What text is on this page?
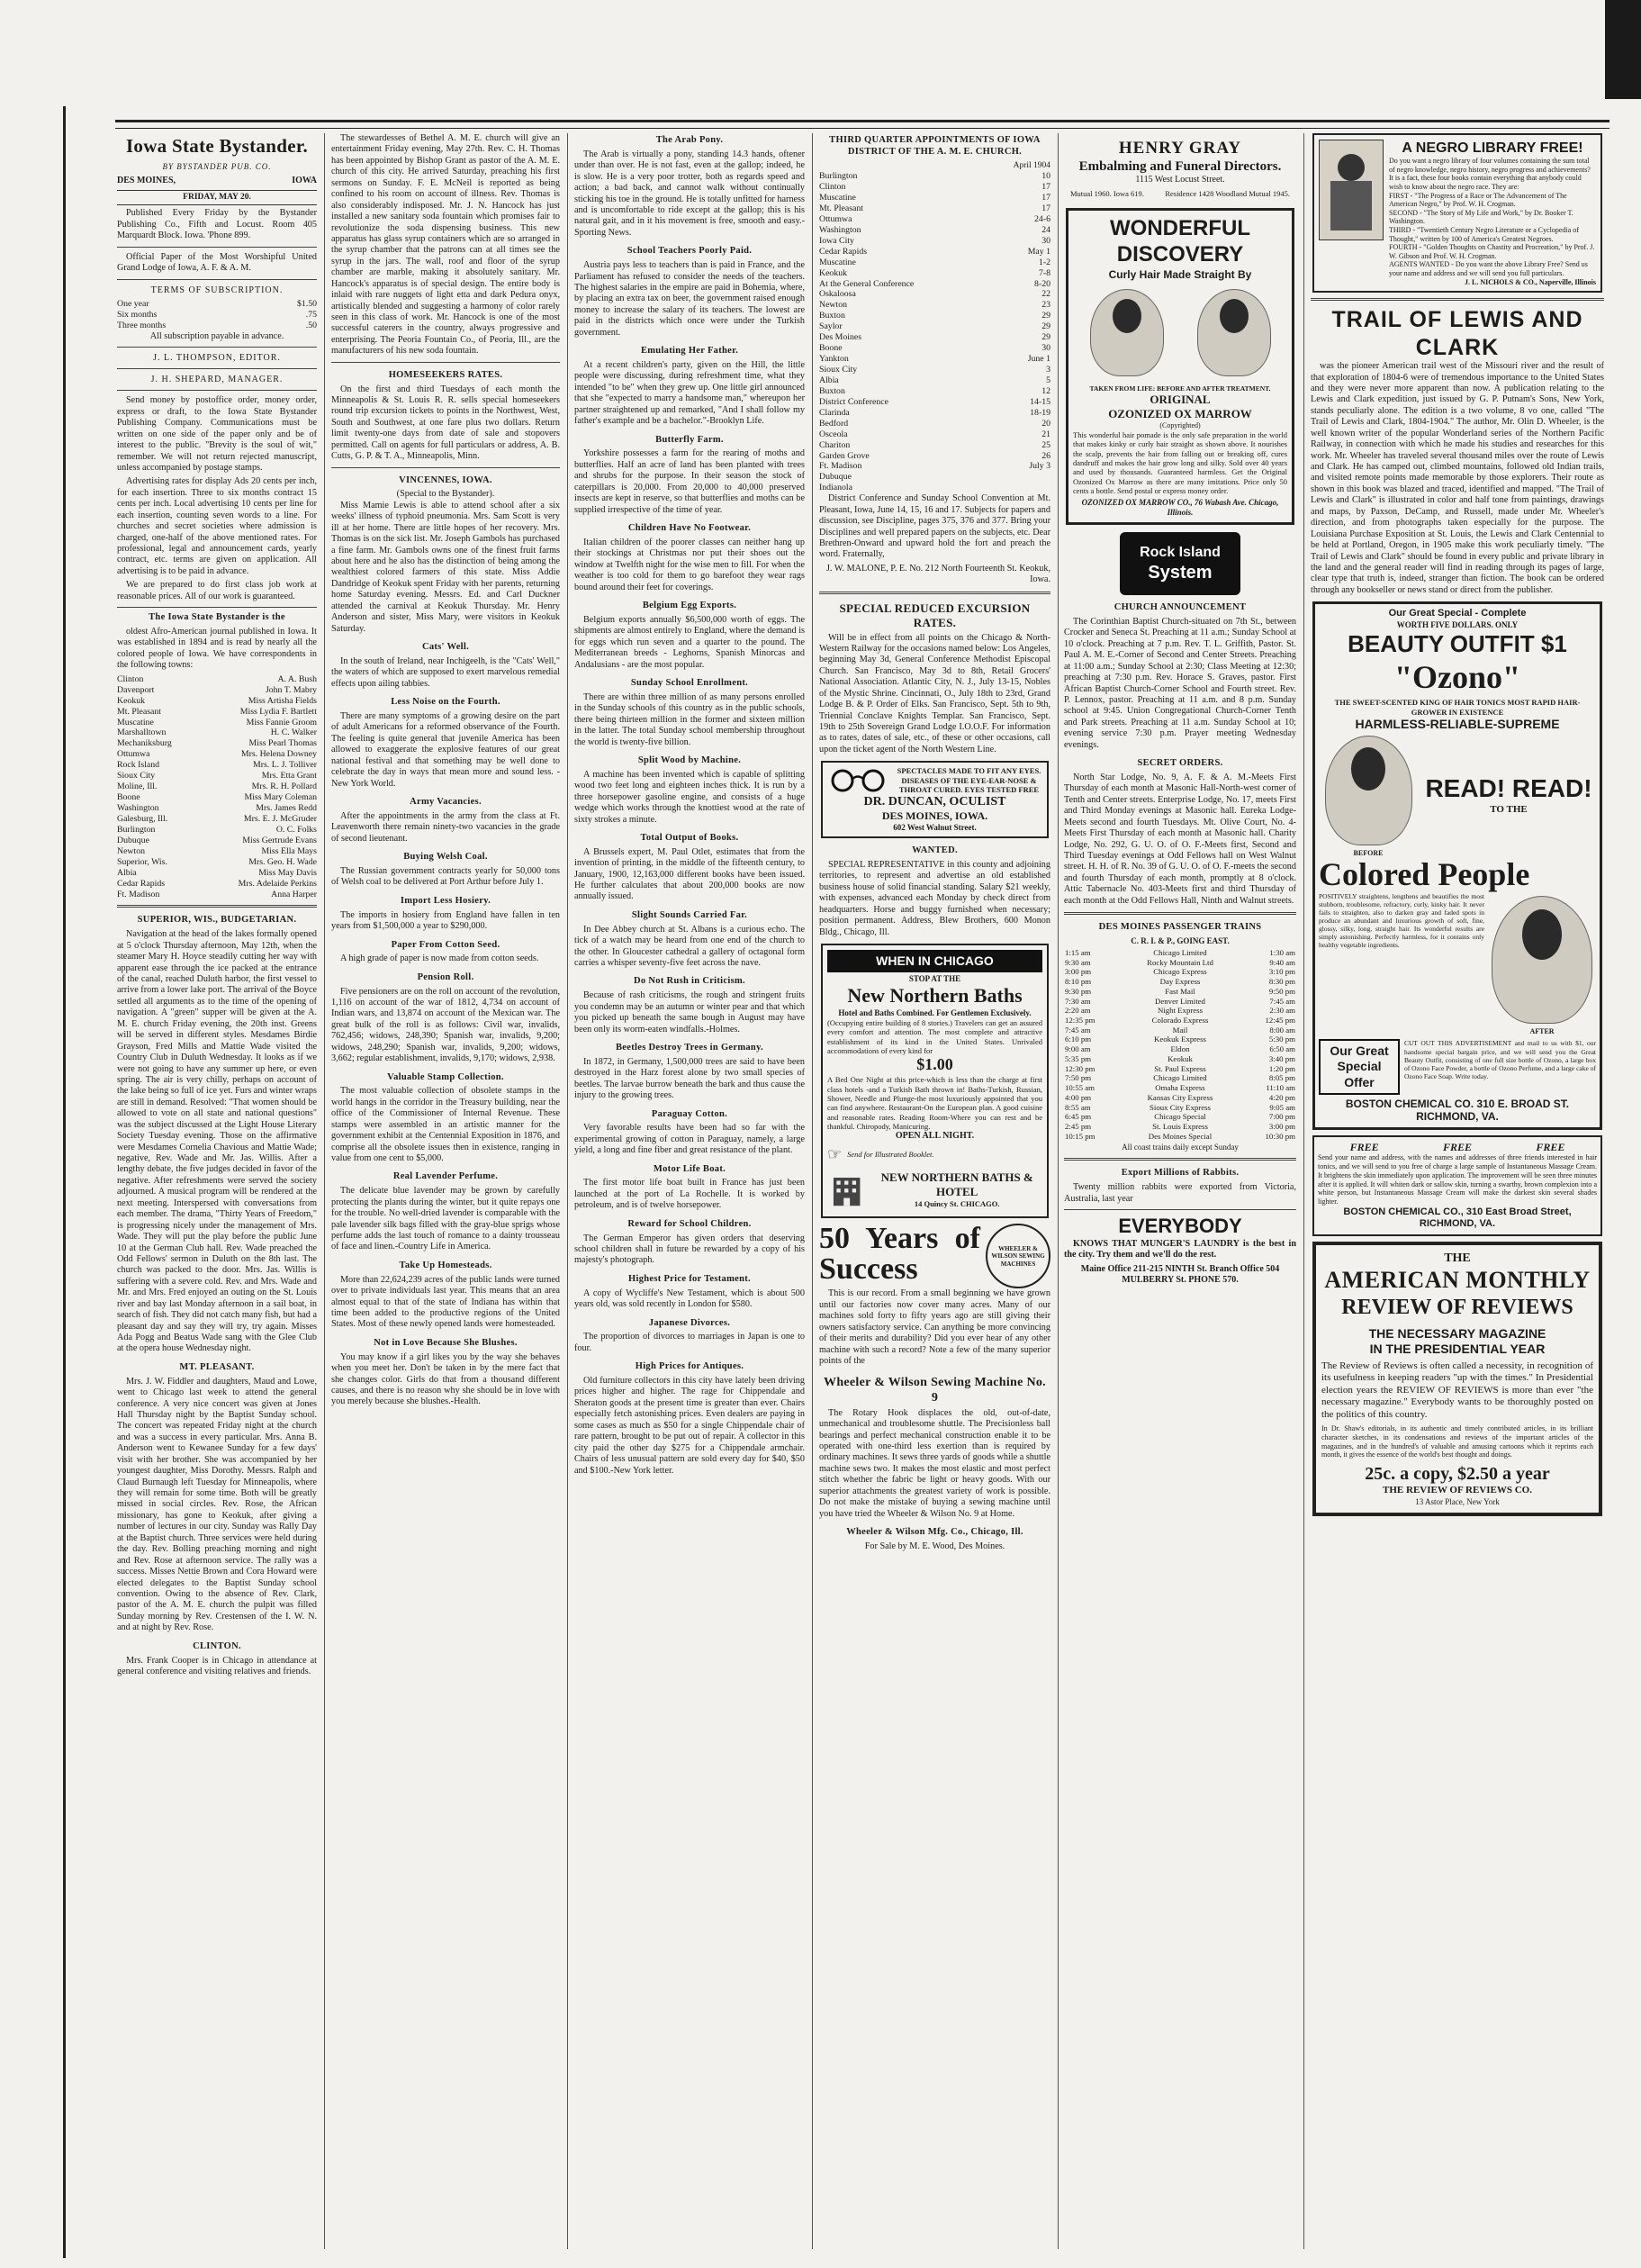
Iowa State Bystander.
BY BYSTANDER PUB. CO.
DES MOINES,	IOWA
FRIDAY, MAY 20.

Published Every Friday by the Bystander Publishing Co., Fifth and Locust. Room 405 Marquardt Block. Iowa. 'Phone 899.

Official Paper of the Most Worshipful United Grand Lodge of Iowa, A. F. & A. M.

TERMS OF SUBSCRIPTION.
One year	$1.50
Six months	.75
Three months	.50
All subscription payable in advance.
J. L. THOMPSON, EDITOR.
J. H. SHEPARD, MANAGER.

Send money by postoffice order, money order, express or draft, to the Iowa State Bystander Publishing Company. Communications must be written on one side of the paper only and be of interest to the public. "Brevity is the soul of wit," remember. We will not return rejected manuscript, unless accompanied by postage stamps.

Advertising rates for display Ads 20 cents per inch, for each insertion. Three to six months contract 15 cents per inch. Local advertising 10 cents per line for each insertion, counting seven words to a line. For churches and secret societies where admission is charged, one-half of the above mentioned rates. For professional, legal and announcement cards, yearly contract, etc. terms are given on application. All advertising is to be paid in advance.

We are prepared to do first class job work at reasonable prices. All of our work is guaranteed.

The Iowa State Bystander is the

oldest Afro-American journal published in Iowa. It was established in 1894 and is read by nearly all the colored people of Iowa. We have correspondents in the following towns:

Clinton	A. A. Bush
Davenport	John T. Mabry
Keokuk	Miss Artisha Fields
Mt. Pleasant	Miss Lydia F. Bartlett
Muscatine	Miss Fannie Groom
Marshalltown	H. C. Walker
Mechaniksburg	Miss Pearl Thomas
Ottumwa	Mrs. Helena Downey
Rock Island	Mrs. L. J. Tolliver
Sioux City	Mrs. Etta Grant
Moline, Ill.	Mrs. R. H. Pollard
Boone	Miss Mary Coleman
Washington	Mrs. James Redd
Galesburg, Ill.	Mrs. E. J. McGruder
Burlington	O. C. Folks
Dubuque	Miss Gertrude Evans
Newton	Miss Ella Mays
Superior, Wis.	Mrs. Geo. H. Wade
Albia	Miss May Davis
Cedar Rapids	Mrs. Adelaide Perkins
Ft. Madison	Anna Harper
SUPERIOR, WIS., BUDGETARIAN.

Navigation at the head of the lakes formally opened at 5 o'clock Thursday afternoon, May 12th, when the steamer Mary H. Hoyce steadily cutting her way with apparent ease through the ice packed at the entrance of the canal, reached Duluth harbor, the first vessel to arrive from a lower lake port. The arrival of the Boyce settled all arguments as to the time of the opening of navigation. A "green" supper will be given at the A. M. E. church Friday evening, the 20th inst. Greens will be served in different styles. Mesdames Birdie Grayson, Fred Mills and Mattie Wade visited the Country Club in Duluth Wednesday. It looks as if we were not going to have any summer up here, or even spring. The air is very chilly, perhaps on account of the lake being so full of ice yet. Furs and winter wraps are still in demand. Resolved: "That women should be allowed to vote on all state and national questions" was the subject discussed at the Light House Literary Society Tuesday evening. Those on the affirmative were Mesdames Cornelia Chavious and Mattie Wade; negative, Rev. Wade and Mr. Jas. Willis. After a lengthy debate, the five judges decided in favor of the negative. After refreshments were served the society adjourned. A musical program will be rendered at the next meeting. Interspersed with conversations from each member. The drama, "Thirty Years of Freedom," is progressing nicely under the management of Mrs. Wade. They will put the play before the public June 10 at the German Club hall. Rev. Wade preached the Odd Fellows' sermon in Duluth on the 8th last. The church was packed to the door. Mrs. Jas. Willis is suffering with a severe cold. Rev. and Mrs. Wade and Mr. and Mrs. Fred enjoyed an outing on the St. Louis river and bay last Monday afternoon in a sail boat, in search of fish. They did not catch many fish, but had a pleasant day and say they will try, try again. Misses Ada Pogg and Beatus Wade sang with the Glee Club at the opera house Wednesday night.

MT. PLEASANT.

Mrs. J. W. Fiddler and daughters, Maud and Lowe, went to Chicago last week to attend the general conference. A very nice concert was given at Jones Hall Thursday night by the Baptist Sunday school. The concert was repeated Friday night at the church and was a success in every particular. Mrs. Anna B. Anderson went to Kewanee Sunday for a few days' visit with her brother. She was accompanied by her youngest daughter, Miss Dorothy. Messrs. Ralph and Claud Burnaugh left Tuesday for Minneapolis, where they will remain for some time. Both will be greatly missed in social circles. Rev. Rose, the African missionary, has gone to Keokuk, after giving a number of lectures in our city. Sunday was Rally Day at the Baptist church. Three services were held during the day. Rev. Bolling preaching morning and night and Rev. Rose at afternoon service. The rally was a success. Misses Nettie Brown and Cora Howard were elected delegates to the Baptist Sunday school convention. Owing to the absence of Rev. Clark, pastor of the A. M. E. church the pulpit was filled Sunday morning by Rev. Crestensen of the I. W. N. and at night by Rev. Rose.

CLINTON.

Mrs. Frank Cooper is in Chicago in attendance at general conference and visiting relatives and friends.

The stewardesses of Bethel A. M. E. church will give an entertainment Friday evening, May 27th. Rev. C. H. Thomas has been appointed by Bishop Grant as pastor of the A. M. E. church of this city. He arrived Saturday, preaching his first sermons on Sunday. F. E. McNeil is reported as being confined to his room on account of illness. Rev. Thomas is also considerably indisposed. Mr. J. N. Hancock has just installed a new sanitary soda fountain which promises fair to revolutionize the soda dispensing business. This new apparatus has glass syrup containers which are so arranged in the syrup chamber that the patrons can at all times see the syrup in the jars. The wall, roof and floor of the syrup chamber are marble, making it absolutely sanitary. Mr. Hancock's apparatus is of special design. The entire body is inlaid with rare nuggets of light etta and dark Pedura onyx, artistically blended and suggesting a harmony of color rarely seen in this class of work. Mr. Hancock is one of the most successful caterers in the country, always progressive and enterprising. The Peoria Fountain Co., of Peoria, Ill., are the manufacturers of his new soda fountain.

HOMESEEKERS RATES.

On the first and third Tuesdays of each month the Minneapolis & St. Louis R. R. sells special homeseekers round trip excursion tickets to points in the Northwest, West, South and Southwest, at one fare plus two dollars. Return limit twenty-one days from date of sale and stopovers permitted. Call on agents for full particulars or address, A. B. Cutts, G. P. & T. A., Minneapolis, Minn.

VINCENNES, IOWA.
(Special to the Bystander).

Miss Mamie Lewis is able to attend school after a six weeks' illness of typhoid pneumonia. Mrs. Sam Scott is very ill at her home. There are little hopes of her recovery. Mrs. Thomas is on the sick list. Mr. Joseph Gambols has purchased a fine farm. Mr. Gambols owns one of the finest fruit farms about here and he also has the distinction of being among the wealthiest colored farmers of this state. Miss Addie Dandridge of Keokuk spent Friday with her parents, returning home Saturday evening. Messrs. Ed. and Carl Duckner attended the carnival at Keokuk Thursday. Mr. Henry Anderson and sister, Miss Mary, were visitors in Keokuk Saturday.

Cats' Well.

In the south of Ireland, near Inchigeelh, is the "Cats' Well," the waters of which are supposed to exert marvelous remedial effects upon ailing tabbies.

Less Noise on the Fourth.

There are many symptoms of a growing desire on the part of adult Americans for a reformed observance of the Fourth. The feeling is quite general that juvenile America has been allowed to exaggerate the explosive features of our great national festival and that something may be well done to celebrate the day in ways that mean more and sound less. -New York World.

Army Vacancies.

After the appointments in the army from the class at Ft. Leavenworth there remain ninety-two vacancies in the grade of second lieutenant.

Buying Welsh Coal.

The Russian government contracts yearly for 50,000 tons of Welsh coal to be delivered at Port Arthur before July 1.

Import Less Hosiery.

The imports in hosiery from England have fallen in ten years from $1,500,000 a year to $290,000.

Paper From Cotton Seed.

A high grade of paper is now made from cotton seeds.

Pension Roll.

Five pensioners are on the roll on account of the revolution, 1,116 on account of the war of 1812, 4,734 on account of Indian wars, and 13,874 on account of the Mexican war. The great bulk of the roll is as follows: Civil war, invalids, 762,456; widows, 248,390; Spanish war, invalids, 9,200; widows, 248,290; Spanish war, invalids, 9,200; widows, 3,662; regular establishment, invalids, 9,170; widows, 2,938.

Valuable Stamp Collection.

The most valuable collection of obsolete stamps in the world hangs in the corridor in the Treasury building, near the office of the Commissioner of Internal Revenue. These stamps were assembled in an artistic manner for the government exhibit at the Centennial Exposition in 1876, and comprise all the obsolete issues then in existence, ranging in value from one cent to $5,000.

Real Lavender Perfume.

The delicate blue lavender may be grown by carefully protecting the plants during the winter, but it quite repays one for the trouble. No well-dried lavender is comparable with the pale lavender silk bags filled with the gray-blue sprigs whose perfume adds the last touch of romance to a dainty trousseau of face and linen.-Country Life in America.

Take Up Homesteads.

More than 22,624,239 acres of the public lands were turned over to private individuals last year. This means that an area almost equal to that of the state of Indiana has within that time been added to the productive regions of the United States. Most of these newly opened lands were homesteaded.

Not in Love Because She Blushes.

You may know if a girl likes you by the way she behaves when you meet her. Don't be taken in by the mere fact that she changes color. Girls do that from a thousand different causes, and there is no reason why she should be in love with you merely because she blushes.-Health.

The Arab Pony.

The Arab is virtually a pony, standing 14.3 hands, oftener under than over. He is not fast, even at the gallop; indeed, he is slow. He is a very poor trotter, both as regards speed and action; a bad back, and cannot walk without continually sticking his toe in the ground. He is totally unfitted for harness and is uncomfortable to ride except at the gallop; this is his natural gait, and in it his movement is free, smooth and easy.-Sporting News.

School Teachers Poorly Paid.

Austria pays less to teachers than is paid in France, and the Parliament has refused to consider the needs of the teachers. The highest salaries in the empire are paid in Bohemia, where, by placing an extra tax on beer, the government raised enough money to increase the salary of its teachers. The lowest are paid in the districts which once were under the Turkish government.

Emulating Her Father.

At a recent children's party, given on the Hill, the little people were discussing, during refreshment time, what they intended "to be" when they grew up. One little girl announced that she "expected to marry a handsome man," whereupon her partner straightened up and remarked, "And I shall follow my father's example and be a bachelor."-Brooklyn Life.

Butterfly Farm.

Yorkshire possesses a farm for the rearing of moths and butterflies. Half an acre of land has been planted with trees and shrubs for the purpose. In their season the stock of caterpillars is 20,000. From 20,000 to 40,000 preserved insects are kept in reserve, so that butterflies and moths can be supplied irrespective of the time of year.

Children Have No Footwear.

Italian children of the poorer classes can neither hang up their stockings at Christmas nor put their shoes out the window at Twelfth night for the wise men to fill. For when the weather is too cold for them to go barefoot they wear rags bound around their feet for coverings.

Belgium Egg Exports.

Belgium exports annually $6,500,000 worth of eggs. The shipments are almost entirely to England, where the demand is for eggs which run seven and a quarter to the pound. The Mediterranean breeds - Leghorns, Spanish Minorcas and Andalusians - are the most popular.

Sunday School Enrollment.

There are within three million of as many persons enrolled in the Sunday schools of this country as in the public schools, there being thirteen million in the former and sixteen million in the latter. The total Sunday school membership throughout the world is twenty-five billion.

Split Wood by Machine.

A machine has been invented which is capable of splitting wood two feet long and eighteen inches thick. It is run by a three horsepower gasoline engine, and consists of a huge wedge which works through the knottiest wood at the rate of sixty strokes a minute.

Total Output of Books.

A Brussels expert, M. Paul Otlet, estimates that from the invention of printing, in the middle of the fifteenth century, to January, 1900, 12,163,000 different books have been issued. He further calculates that about 200,000 books are now annually issued.

Slight Sounds Carried Far.

In Dee Abbey church at St. Albans is a curious echo. The tick of a watch may be heard from one end of the church to the other. In Gloucester cathedral a gallery of octagonal form carries a whisper seventy-five feet across the nave.

Do Not Rush in Criticism.

Because of rash criticisms, the rough and stringent fruits you condemn may be an autumn or winter pear and that which you picked up beneath the same bough in August may have been only its worm-eaten windfalls.-Holmes.

Beetles Destroy Trees in Germany.

In 1872, in Germany, 1,500,000 trees are said to have been destroyed in the Harz forest alone by two small species of beetles. The larvae burrow beneath the bark and thus cause the injury to the growing trees.

Paraguay Cotton.

Very favorable results have been had so far with the experimental growing of cotton in Paraguay, namely, a large yield, a long and fine fiber and great resistance of the plant.

Motor Life Boat.

The first motor life boat built in France has just been launched at the port of La Rochelle. It is worked by petroleum, and is of twelve horsepower.

Reward for School Children.

The German Emperor has given orders that deserving school children shall in future be rewarded by a copy of his majesty's photograph.

Highest Price for Testament.

A copy of Wycliffe's New Testament, which is about 500 years old, was sold recently in London for $580.

Japanese Divorces.

The proportion of divorces to marriages in Japan is one to four.

High Prices for Antiques.

Old furniture collectors in this city have lately been driving prices higher and higher. The rage for Chippendale and Sheraton goods at the present time is greater than ever. Chairs especially fetch astonishing prices. Even dealers are paying in some cases as much as $50 for a single Chippendale chair of rare pattern, brought to be put out of repair. A collector in this city paid the other day $275 for a Chippendale armchair. Chairs of less unusual pattern are sold every day for $40, $50 and $100.-New York letter.

THIRD QUARTER APPOINTMENTS OF IOWA DISTRICT OF THE A. M. E. CHURCH.
April 1904
Burlington	10
Clinton	17
Muscatine	17
Mt. Pleasant	17
Ottumwa	24-6
Washington	24
Iowa City	30
Cedar Rapids	May 1
Muscatine	1-2
Keokuk	7-8
At the General Conference	8-20
Oskaloosa	22
Newton	23
Buxton	29
Saylor	29
Des Moines	29
Boone	30
Yankton	June 1
Sioux City	3
Albia	5
Buxton	12
District Conference	14-15
Clarinda	18-19
Bedford	20
Osceola	21
Chariton	25
Garden Grove	26
Ft. Madison	July 3
Dubuque	
Indianola	

District Conference and Sunday School Convention at Mt. Pleasant, Iowa, June 14, 15, 16 and 17. Subjects for papers and discussion, see Discipline, pages 375, 376 and 377. Bring your Disciplines and well prepared papers on the subjects, etc. Dear Brethren-Onward and upward hold the fort and preach the word. Fraternally,

J. W. MALONE, P. E. No. 212 North Fourteenth St. Keokuk, Iowa.
SPECIAL REDUCED EXCURSION RATES.

Will be in effect from all points on the Chicago & North-Western Railway for the occasions named below: Los Angeles, beginning May 3d, General Conference Methodist Episcopal Church. San Francisco, May 3d to 8th, Retail Grocers' National Association. Atlantic City, N. J., July 13-15, Nobles of the Mystic Shrine. Cincinnati, O., July 18th to 23rd, Grand Lodge B. & P. Order of Elks. San Francisco, Sept. 5th to 9th, Triennial Conclave Knights Templar. San Francisco, Sept. 19th to 25th Sovereign Grand Lodge I.O.O.F. For information as to rates, dates of sale, etc., of these or other occasions, call upon the ticket agent of the North Western Line.

SPECTACLES MADE TO FIT ANY EYES.
DISEASES OF THE EYE-EAR-NOSE & THROAT CURED. EYES TESTED FREE
DR. DUNCAN, OCULIST
DES MOINES, IOWA.
602 West Walnut Street.
WANTED.

SPECIAL REPRESENTATIVE in this county and adjoining territories, to represent and advertise an old established business house of solid financial standing. Salary $21 weekly, with expenses, advanced each Monday by check direct from headquarters. Horse and buggy furnished when necessary; position permanent. Address, Blew Brothers, 600 Monon Bldg., Chicago, Ill.

WHEN IN CHICAGO
STOP AT THE
New Northern Baths
Hotel and Baths Combined. For Gentlemen Exclusively.
(Occupying entire building of 8 stories.) Travelers can get an assured every comfort and attention. The most complete and attractive establishment of its kind in the United States. Unrivaled accommodations of every kind for
$1.00
A Bed One Night at this price-which is less than the charge at first class hotels -and a Turkish Bath thrown in! Baths-Turkish, Russian, Shower, Needle and Plunge-the most luxuriously appointed that you can find anywhere. Restaurant-On the European plan. A good cuisine and reasonable rates. Reading Room-Where you can rest and be thankful. Chiropody, Manicuring.
OPEN ALL NIGHT.
☞ Send for Illustrated Booklet.
NEW NORTHERN BATHS & HOTEL
14 Quincy St. CHICAGO.
50 Years of Success
WHEELER & WILSON SEWING MACHINES

This is our record. From a small beginning we have grown until our factories now cover many acres. Many of our machines sold forty to fifty years ago are still giving their owners satisfactory service. Can anything be more convincing of their merits and durability? Did you ever hear of any other machine with such a record? Note a few of the many superior points of the

Wheeler & Wilson Sewing Machine No. 9

The Rotary Hook displaces the old, out-of-date, unmechanical and troublesome shuttle. The Precisionless ball bearings and perfect mechanical construction enable it to be operated with one-third less exertion than is required by ordinary machines. It sews three yards of goods while a shuttle machine sews two. It makes the most elastic and most perfect stitch whether the fabric be light or heavy goods. With our superior attachments the greatest variety of work is possible. Do not make the mistake of buying a sewing machine until you have tried the Wheeler & Wilson No. 9 at Home.

Wheeler & Wilson Mfg. Co., Chicago, Ill.
For Sale by M. E. Wood, Des Moines.
HENRY GRAY
Embalming and Funeral Directors.
1115 West Locust Street.
Mutual 1960. Iowa 619.	Residence 1428 Woodland Mutual 1945.
WONDERFUL
DISCOVERY
Curly Hair Made Straight By
TAKEN FROM LIFE: BEFORE AND AFTER TREATMENT.
ORIGINAL
OZONIZED OX MARROW
(Copyrighted)
This wonderful hair pomade is the only safe preparation in the world that makes kinky or curly hair straight as shown above. It nourishes the scalp, prevents the hair from falling out or breaking off, cures dandruff and makes the hair grow long and silky. Sold over 40 years and used by thousands. Guaranteed harmless. Get the Original Ozonized Ox Marrow as there are many imitations. Price only 50 cents a bottle. Send postal or express money order.
OZONIZED OX MARROW CO., 76 Wabash Ave. Chicago, Illinois.
Rock Island
System
CHURCH ANNOUNCEMENT

The Corinthian Baptist Church-situated on 7th St., between Crocker and Seneca St. Preaching at 11 a.m.; Sunday School at 10 o'clock. Preaching at 7 p.m. Rev. T. L. Griffith, Pastor. St. Paul A. M. E.-Corner of Second and Center Streets. Preaching at 11:00 a.m.; Sunday School at 2:30; Class Meeting at 12:30; preaching at 7:30 p.m. Rev. Horace S. Graves, pastor. First African Baptist Church-Corner School and Fourth street. Rev. P. Lennox, pastor. Preaching at 11 a.m. and 8 p.m. Sunday school at 9:45. Union Congregational Church-Corner Tenth and Park streets. Preaching at 11 a.m. Sunday School at 10; evening service 7:30 p.m. Prayer meeting Wednesday evenings.

SECRET ORDERS.

North Star Lodge, No. 9, A. F. & A. M.-Meets First Thursday of each month at Masonic Hall-North-west corner of Tenth and Center streets. Enterprise Lodge, No. 17, meets First and Third Monday evenings at Masonic hall. Eureka Lodge-Meets second and fourth Tuesdays. Mt. Olive Court, No. 4-Meets First Thursday of each month at Masonic hall. Charity Lodge, No. 292, G. U. O. of O. F.-Meets first, Second and Third Tuesday evenings at Odd Fellows hall on West Walnut street. H. H. of R. No. 39 of G. U. O. of O. F.-meets the second and fourth Thursday of each month, promptly at 8 o'clock. Attic Tabernacle No. 403-Meets first and third Thursday of each month at the Odd Fellows Hall, Ninth and Walnut streets.

DES MOINES PASSENGER TRAINS
C. R. I. & P., GOING EAST.
1:15 am	Chicago Limited	1:30 am
9:30 am	Rocky Mountain Ltd	9:40 am
3:00 pm	Chicago Express	3:10 pm
8:10 pm	Day Express	8:30 pm
9:30 pm	Fast Mail	9:50 pm
7:30 am	Denver Limited	7:45 am
2:20 am	Night Express	2:30 am
12:35 pm	Colorado Express	12:45 pm
7:45 am	Mail	8:00 am
6:10 pm	Keokuk Express	5:30 pm
9:00 am	Eldon	6:50 am
5:35 pm	Keokuk	3:40 pm
12:30 pm	St. Paul Express	1:20 pm
7:50 pm	Chicago Limited	8:05 pm
10:55 am	Omaha Express	11:10 am
4:00 pm	Kansas City Express	4:20 pm
8:55 am	Sioux City Express	9:05 am
6:45 pm	Chicago Special	7:00 pm
2:45 pm	St. Louis Express	3:00 pm
10:15 pm	Des Moines Special	10:30 pm
All coast trains daily except Sunday
Export Millions of Rabbits.

Twenty million rabbits were exported from Victoria, Australia, last year

EVERYBODY

KNOWS THAT MUNGER'S LAUNDRY is the best in the city. Try them and we'll do the rest.

Maine Office 211-215 NINTH St. Branch Office 504 MULBERRY St. PHONE 570.
A NEGRO LIBRARY FREE!
Do you want a negro library of four volumes containing the sum total of negro knowledge, negro history, negro progress and achievements? It is a fact, these four books contain everything that anybody could wish to know about the negro race. They are:
FIRST - "The Progress of a Race or The Advancement of The American Negro," by Prof. W. H. Crogman.
SECOND - "The Story of My Life and Work," by Dr. Booker T. Washington.
THIRD - "Twentieth Century Negro Literature or a Cyclopedia of Thought," written by 100 of America's Greatest Negroes.
FOURTH - "Golden Thoughts on Chastity and Procreation," by Prof. J. W. Gibson and Prof. W. H. Crogman.
AGENTS WANTED - Do you want the above Library Free? Send us your name and address and we will send you full particulars.
J. L. NICHOLS & CO., Naperville, Illinois
TRAIL OF LEWIS AND CLARK

was the pioneer American trail west of the Missouri river and the result of that exploration of 1804-6 were of tremendous importance to the United States and they were never more apparent than now. A publication relating to the Lewis and Clark expedition, just issued by G. P. Putnam's Sons, New York, stands peculiarly alone. The edition is a two volume, 8 vo one, called "The Trail of Lewis and Clark, 1804-1904." The author, Mr. Olin D. Wheeler, is the well known writer of the popular Wonderland series of the Northern Pacific Railway, in connection with which he made his studies and researches for this work. Mr. Wheeler has traveled several thousand miles over the route of Lewis and Clark. He has camped out, climbed mountains, followed old Indian trails, and visited remote points made memorable by those explorers. Their route as shown in this book was blazed and traced, identified and mapped. "The Trail of Lewis and Clark" is illustrated in color and half tone from paintings, drawings and maps, by Paxson, DeCamp, and Russell, made under Mr. Wheeler's direction, and from photographs taken especially for the purpose. The Louisiana Purchase Exposition at St. Louis, the Lewis and Clark Centennial to be held at Portland, Oregon, in 1905 make this work peculiarly timely. "The Trail of Lewis and Clark" should be found in every public and private library in the land and the general reader will find in reading through its pages of large, clear type that truth is, indeed, stranger than fiction. The book can be ordered through any bookseller or news stand or direct from the publisher.

Our Great Special - Complete
WORTH FIVE DOLLARS. ONLY
BEAUTY OUTFIT $1
"Ozono"
THE SWEET-SCENTED KING OF HAIR TONICS MOST RAPID HAIR-GROWER IN EXISTENCE
HARMLESS-RELIABLE-SUPREME
BEFORE
READ! READ!
TO THE
Colored People
POSITIVELY straightens, lengthens and beautifies the most stubborn, troublesome, refractory, curly, kinky hair. It never fails to straighten, also to darken gray and faded spots in produce an abundant and luxurious growth of soft, fine, glossy, silky, long, straight hair. Its wonderful results are simply astonishing. Perfectly harmless, for it contains only healthy vegetable ingredients.
AFTER
Our Great Special Offer
CUT OUT THIS ADVERTISEMENT and mail to us with $1, our handsome special bargain price, and we will send you the Great Beauty Outfit, consisting of one full size bottle of Ozono, a large box of Ozono Face Powder, a bottle of Ozono Perfume, and a large cake of Ozono Face Soap. Write today.
BOSTON CHEMICAL CO. 310 E. BROAD ST. RICHMOND, VA.
FREE	FREE	FREE
Send your name and address, with the names and addresses of three friends interested in hair tonics, and we will send to you free of charge a large sample of Instantaneous Massage Cream. It brightens the skin immediately upon application. The improvement will be seen three minutes after it is applied. It will whiten dark or sallow skin, turning a swarthy, brown complexion into a white person, but Instantaneous Massage Cream will make the darkest skin several shades lighter.
BOSTON CHEMICAL CO., 310 East Broad Street, RICHMOND, VA.
THE
AMERICAN MONTHLY
REVIEW OF REVIEWS
THE NECESSARY MAGAZINE
IN THE PRESIDENTIAL YEAR
The Review of Reviews is often called a necessity, in recognition of its usefulness in keeping readers "up with the times." In Presidential election years the REVIEW OF REVIEWS is more than ever "the necessary magazine." Everybody wants to be thoroughly posted on the politics of this country.
In Dr. Shaw's editorials, in its authentic and timely contributed articles, in its brilliant character sketches, in its condensations and reviews of the important articles of the magazines, and in the hundred's of valuable and amusing cartoons which it reprints each month, it gives the essence of the world's best thought and doings.
25c. a copy, $2.50 a year
THE REVIEW OF REVIEWS CO.
13 Astor Place, New York
